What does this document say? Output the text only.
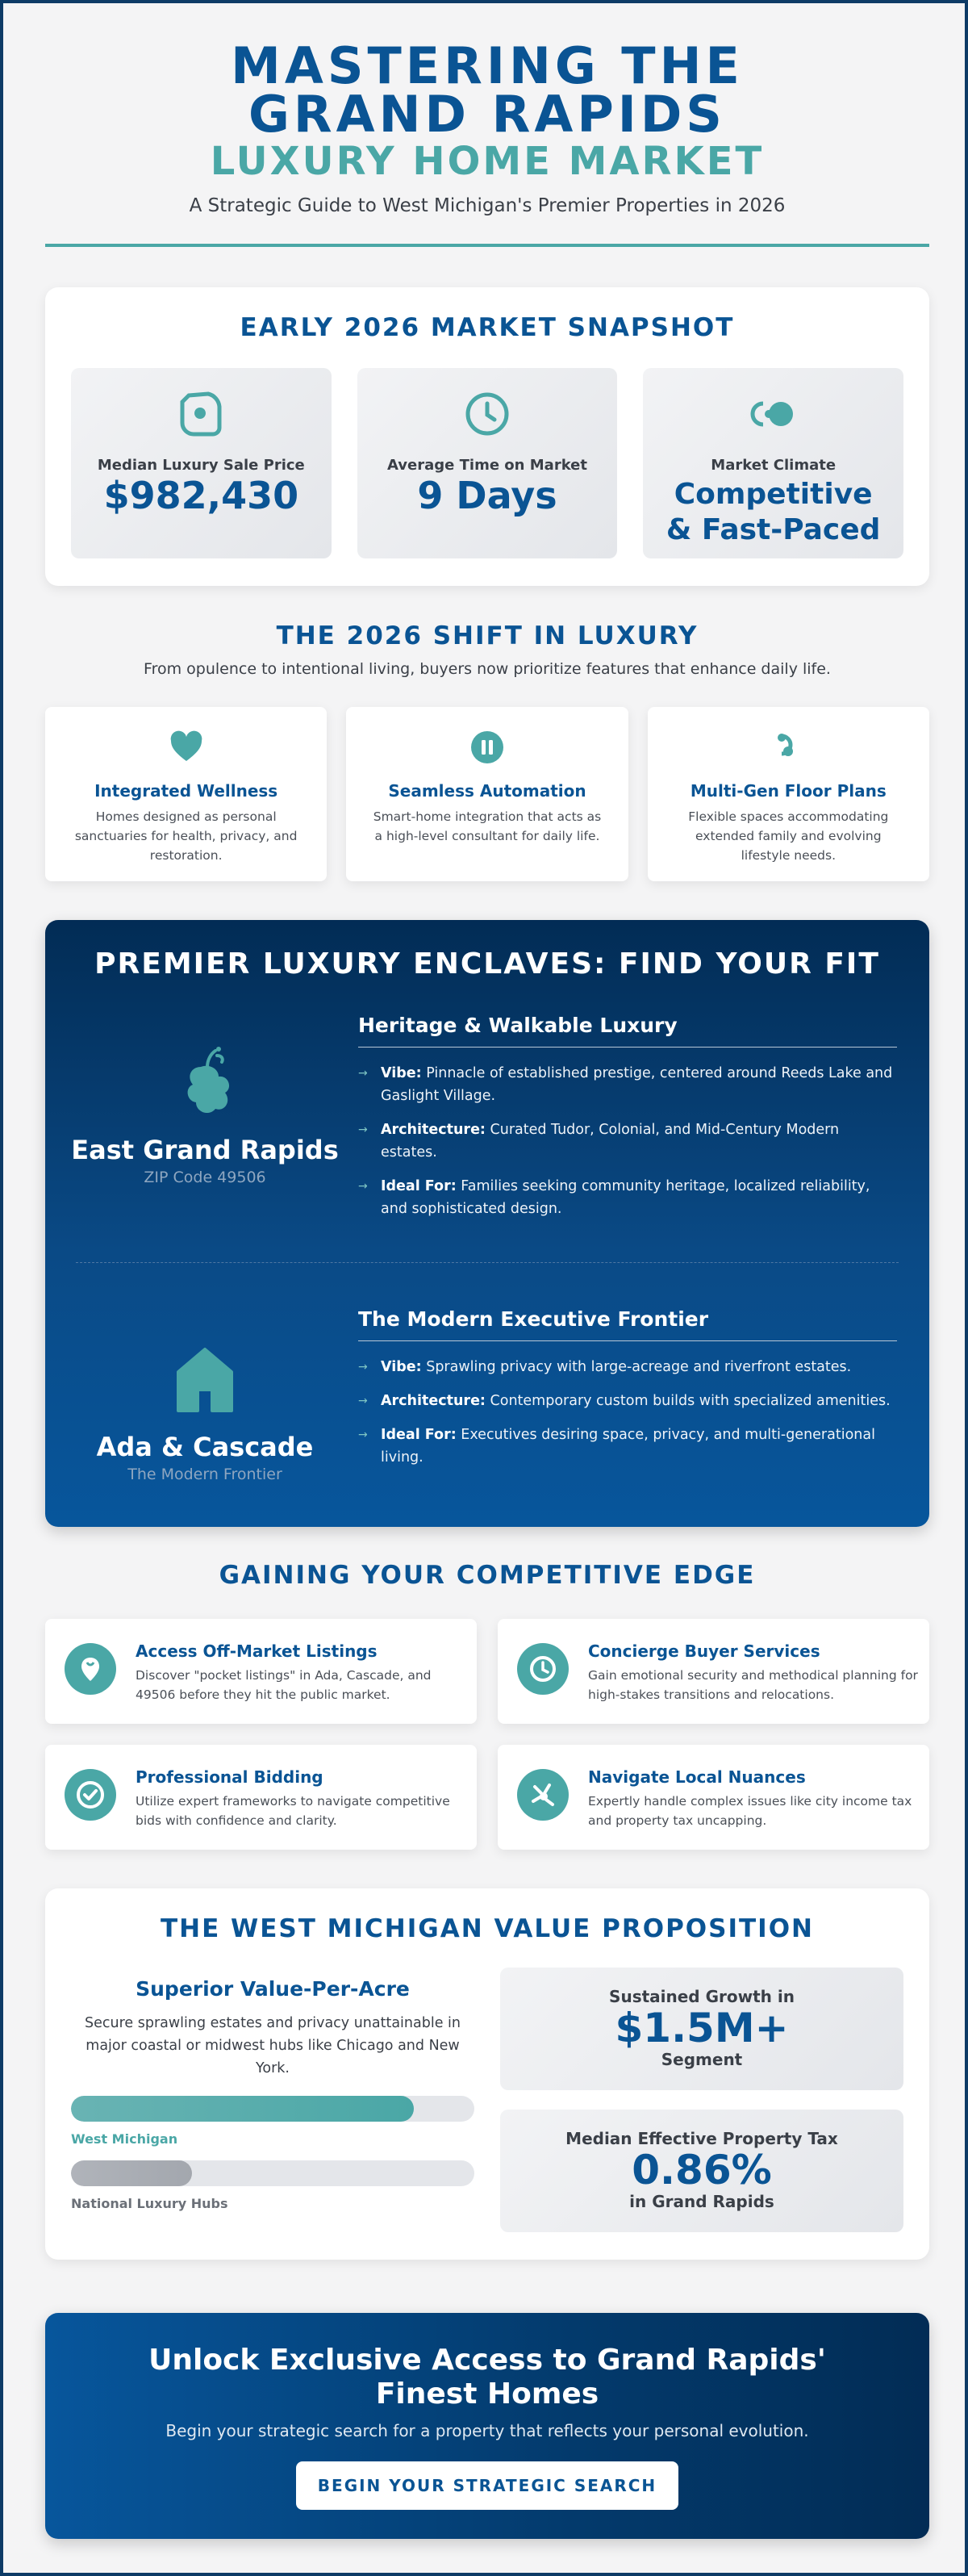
MASTERING THE GRAND RAPIDS
LUXURY HOME MARKET
A Strategic Guide to West Michigan's Premier Properties in 2026
EARLY 2026 MARKET SNAPSHOT
Median Luxury Sale Price
$982,430
Average Time on Market
9 Days
Market Climate
Competitive & Fast-Paced
THE 2026 SHIFT IN LUXURY
From opulence to intentional living, buyers now prioritize features that enhance daily life.
Integrated Wellness

Homes designed as personal sanctuaries for health, privacy, and restoration.

Seamless Automation

Smart-home integration that acts as a high-level consultant for daily life.

Multi-Gen Floor Plans

Flexible spaces accommodating extended family and evolving lifestyle needs.

PREMIER LUXURY ENCLAVES: FIND YOUR FIT
East Grand Rapids
ZIP Code 49506
Heritage & Walkable Luxury
→ Vibe: Pinnacle of established prestige, centered around Reeds Lake and Gaslight Village.
→ Architecture: Curated Tudor, Colonial, and Mid-Century Modern estates.
→ Ideal For: Families seeking community heritage, localized reliability, and sophisticated design.
Ada & Cascade
The Modern Frontier
The Modern Executive Frontier
→ Vibe: Sprawling privacy with large-acreage and riverfront estates.
→ Architecture: Contemporary custom builds with specialized amenities.
→ Ideal For: Executives desiring space, privacy, and multi-generational living.
GAINING YOUR COMPETITIVE EDGE
Access Off-Market Listings

Discover "pocket listings" in Ada, Cascade, and 49506 before they hit the public market.

Concierge Buyer Services

Gain emotional security and methodical planning for high-stakes transitions and relocations.

Professional Bidding

Utilize expert frameworks to navigate competitive bids with confidence and clarity.

Navigate Local Nuances

Expertly handle complex issues like city income tax and property tax uncapping.

THE WEST MICHIGAN VALUE PROPOSITION
Superior Value-Per-Acre

Secure sprawling estates and privacy unattainable in major coastal or midwest hubs like Chicago and New York.

West Michigan
National Luxury Hubs
Sustained Growth in
$1.5M+
Segment
Median Effective Property Tax
0.86%
in Grand Rapids
Unlock Exclusive Access to Grand Rapids' Finest Homes

Begin your strategic search for a property that reflects your personal evolution.

BEGIN YOUR STRATEGIC SEARCH
